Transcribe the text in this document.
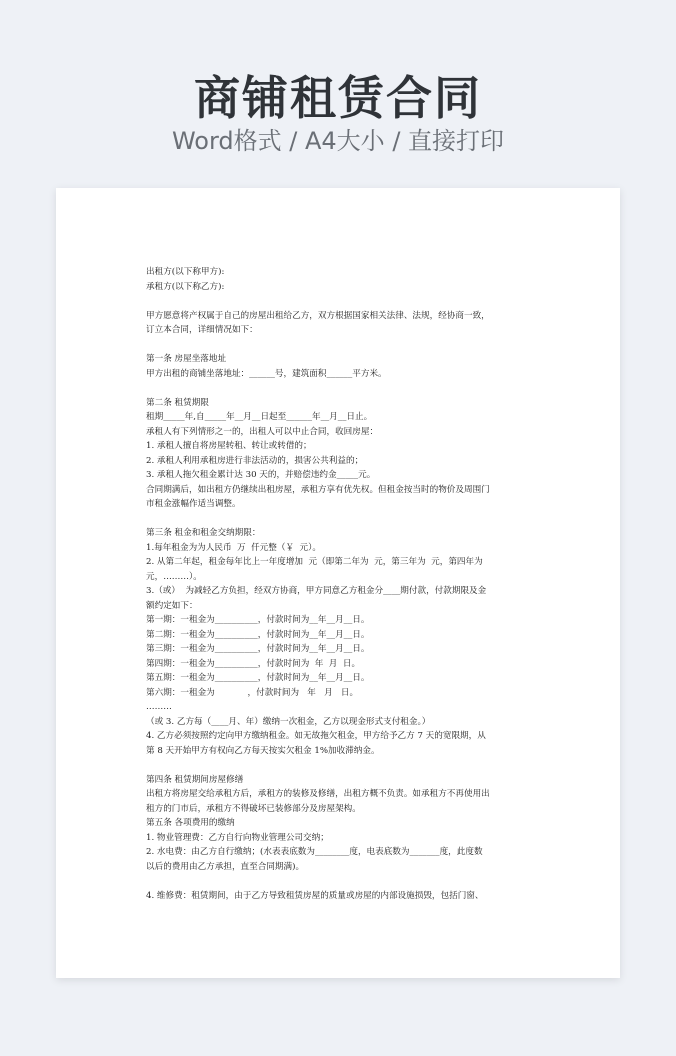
商铺租赁合同
Word格式 / A4大小 / 直接打印

出租方(以下称甲方):

承租方(以下称乙方):

甲方愿意将产权属于自己的房屋出租给乙方，双方根据国家相关法律、法规，经协商一致，

订立本合同，详细情况如下：

第一条 房屋坐落地址

甲方出租的商铺坐落地址：______号，建筑面积______平方米。

第二条 租赁期限

租期_____年,自_____年__月__日起至______年__月__日止。

承租人有下列情形之一的，出租人可以中止合同，收回房屋：

1. 承租人擅自将房屋转租、转让或转借的；

2. 承租人利用承租房进行非法活动的，损害公共利益的；

3. 承租人拖欠租金累计达 30 天的，并赔偿违约金_____元。

合同期满后，如出租方仍继续出租房屋，承租方享有优先权。但租金按当时的物价及周围门

市租金涨幅作适当调整。

第三条 租金和租金交纳期限：

1.每年租金为为人民币  万  仟元整（￥  元）。

2. 从第二年起，租金每年比上一年度增加  元（即第二年为  元，第三年为  元，第四年为

元，………）。

3.（或）  为减轻乙方负担，经双方协商，甲方同意乙方租金分____期付款，付款期限及金

额约定如下：

第一期：一租金为__________，付款时间为__年__月__日。

第二期：一租金为__________，付款时间为__年__月__日。

第三期：一租金为__________，付款时间为__年__月__日。

第四期：一租金为__________，付款时间为  年  月  日。

第五期：一租金为__________，付款时间为__年__月__日。

第六期：一租金为            ，付款时间为   年   月   日。

………

（或 3. 乙方每（____月、年）缴纳一次租金，乙方以现金形式支付租金。）

4. 乙方必须按照约定向甲方缴纳租金。如无故拖欠租金，甲方给予乙方 7 天的宽限期，从

第 8 天开始甲方有权向乙方每天按实欠租金 1%加收滞纳金。

第四条 租赁期间房屋修缮

出租方将房屋交给承租方后，承租方的装修及修缮，出租方概不负责。如承租方不再使用出

租方的门市后，承租方不得破坏已装修部分及房屋架构。

第五条 各项费用的缴纳

1. 物业管理费：乙方自行向物业管理公司交纳；

2. 水电费：由乙方自行缴纳；(水表表底数为________度，电表底数为_______度，此度数

以后的费用由乙方承担，直至合同期满)。

4. 维修费：租赁期间，由于乙方导致租赁房屋的质量或房屋的内部设施损毁，包括门窗、
